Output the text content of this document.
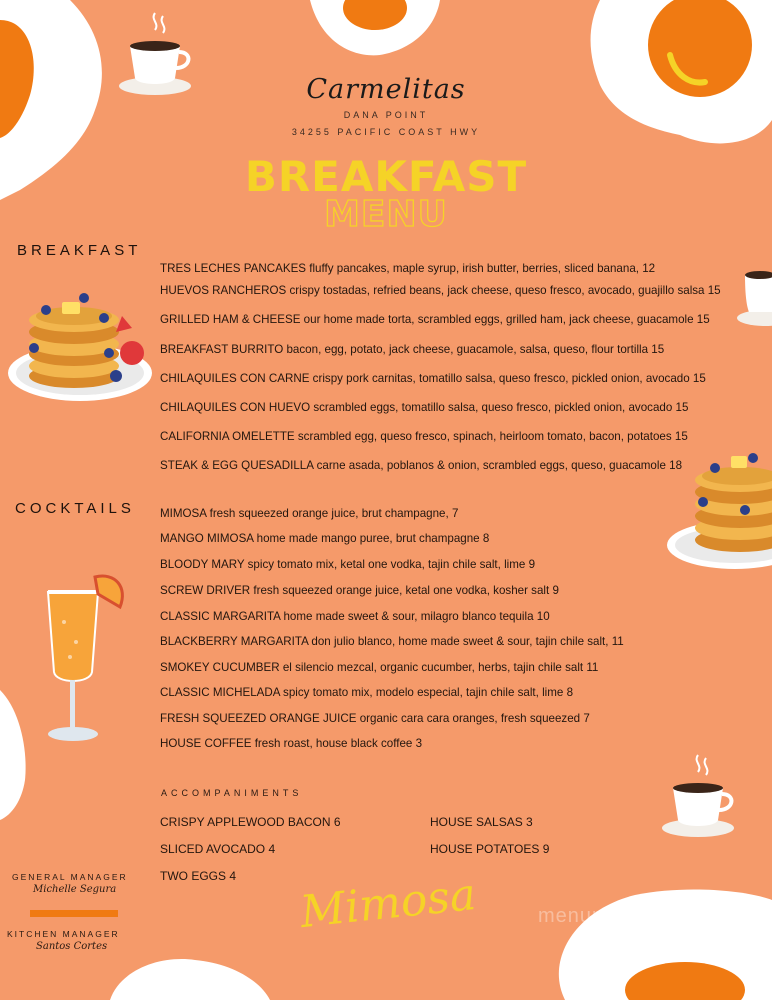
Carmelitas
DANA POINT
34255 PACIFIC COAST HWY
BREAKFAST
MENU
BREAKFAST
TRES LECHES PANCAKES fluffy pancakes, maple syrup, irish butter, berries, sliced banana, 12
HUEVOS RANCHEROS crispy tostadas, refried beans, jack cheese, queso fresco, avocado, guajillo salsa 15
GRILLED HAM & CHEESE our home made torta, scrambled eggs, grilled ham, jack cheese, guacamole 15
BREAKFAST BURRITO bacon, egg, potato, jack cheese, guacamole, salsa, queso, flour tortilla 15
CHILAQUILES CON CARNE crispy pork carnitas, tomatillo salsa, queso fresco, pickled onion, avocado 15
CHILAQUILES CON HUEVO scrambled eggs, tomatillo salsa, queso fresco, pickled onion, avocado 15
CALIFORNIA OMELETTE scrambled egg, queso fresco, spinach, heirloom tomato, bacon, potatoes 15
STEAK & EGG QUESADILLA carne asada, poblanos & onion, scrambled eggs, queso, guacamole 18
COCKTAILS MIMOSA fresh squeezed orange juice, brut champagne, 7
MANGO MIMOSA home made mango puree, brut champagne 8
BLOODY MARY spicy tomato mix, ketal one vodka, tajin chile salt, lime 9
SCREW DRIVER fresh squeezed orange juice, ketal one vodka, kosher salt 9
CLASSIC MARGARITA home made sweet & sour, milagro blanco tequila 10
BLACKBERRY MARGARITA don julio blanco, home made sweet & sour, tajin chile salt, 11
SMOKEY CUCUMBER el silencio mezcal, organic cucumber, herbs, tajin chile salt 11
CLASSIC MICHELADA spicy tomato mix, modelo especial, tajin chile salt, lime 8
FRESH SQUEEZED ORANGE JUICE organic cara cara oranges, fresh squeezed 7
HOUSE COFFEE fresh roast, house black coffee 3
ACCOMPANIMENTS
CRISPY APPLEWOOD BACON 6
SLICED AVOCADO 4
TWO EGGS 4
HOUSE SALSAS 3
HOUSE POTATOES 9
GENERAL MANAGER
Michelle Segura
KITCHEN MANAGER
Santos Cortes
Mimosa	menupix
